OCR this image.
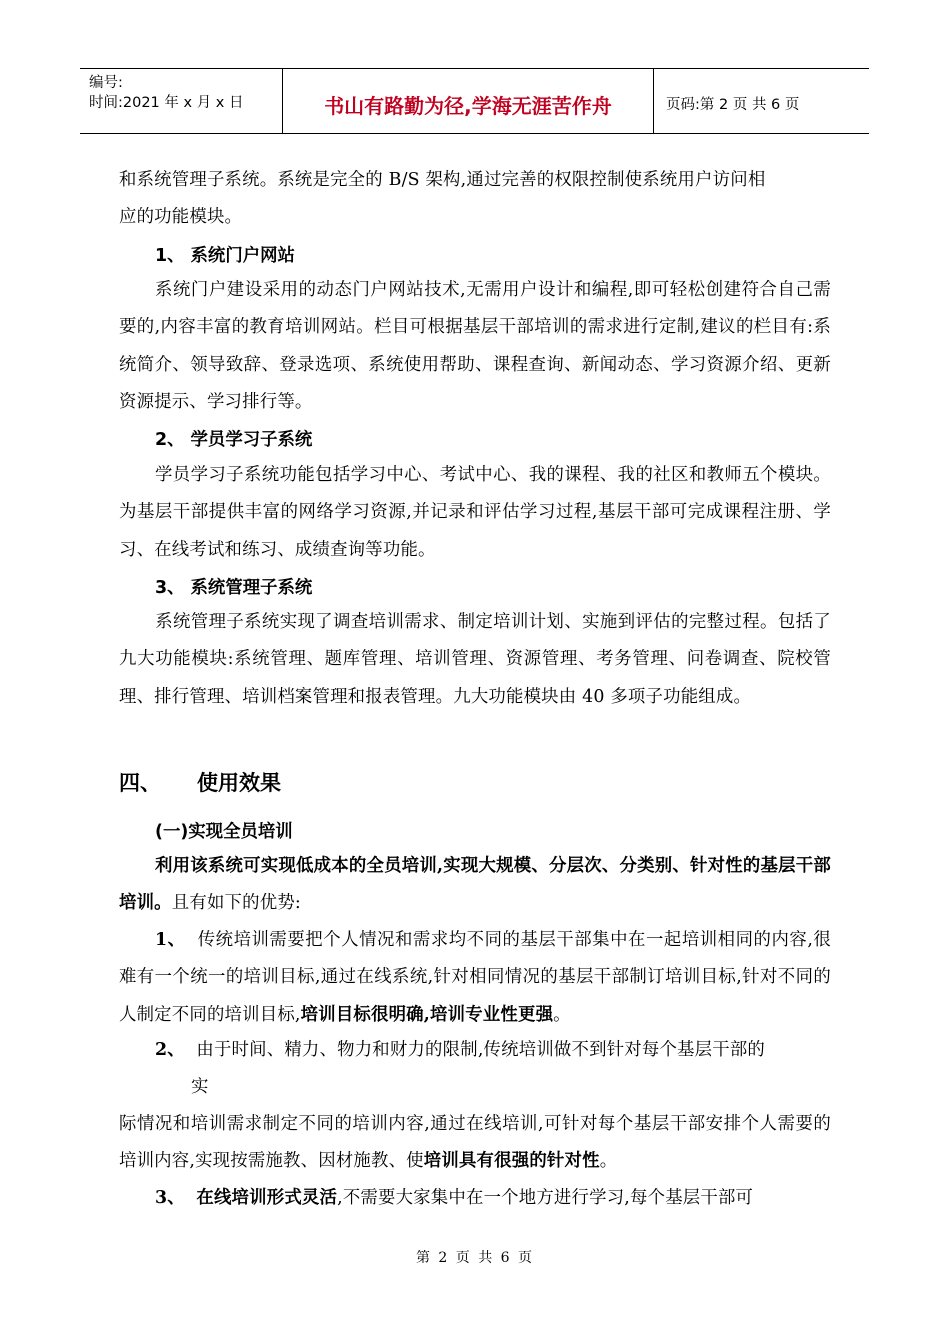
编号:
时间:2021 年 x 月 x 日	书山有路勤为径,学海无涯苦作舟	页码:第 2 页 共 6 页

和系统管理子系统。系统是完全的 B/S 架构,通过完善的权限控制使系统用户访问相
应的功能模块。

1、 系统门户网站

系统门户建设采用的动态门户网站技术,无需用户设计和编程,即可轻松创建符合自己需要的,内容丰富的教育培训网站。栏目可根据基层干部培训的需求进行定制,建议的栏目有:系统简介、领导致辞、登录选项、系统使用帮助、课程查询、新闻动态、学习资源介绍、更新资源提示、学习排行等。

2、 学员学习子系统

学员学习子系统功能包括学习中心、考试中心、我的课程、我的社区和教师五个模块。为基层干部提供丰富的网络学习资源,并记录和评估学习过程,基层干部可完成课程注册、学习、在线考试和练习、成绩查询等功能。

3、 系统管理子系统

系统管理子系统实现了调查培训需求、制定培训计划、实施到评估的完整过程。包括了九大功能模块:系统管理、题库管理、培训管理、资源管理、考务管理、问卷调查、院校管理、排行管理、培训档案管理和报表管理。九大功能模块由 40 多项子功能组成。

四、 使用效果

(一)实现全员培训

利用该系统可实现低成本的全员培训,实现大规模、分层次、分类别、针对性的基层干部培训。且有如下的优势:

1、 传统培训需要把个人情况和需求均不同的基层干部集中在一起培训相同的内容,很难有一个统一的培训目标,通过在线系统,针对相同情况的基层干部制订培训目标,针对不同的人制定不同的培训目标,培训目标很明确,培训专业性更强。

2、 由于时间、精力、物力和财力的限制,传统培训做不到针对每个基层干部的

实

际情况和培训需求制定不同的培训内容,通过在线培训,可针对每个基层干部安排个人需要的培训内容,实现按需施教、因材施教、使培训具有很强的针对性。

3、 在线培训形式灵活,不需要大家集中在一个地方进行学习,每个基层干部可

第 2 页 共 6 页
